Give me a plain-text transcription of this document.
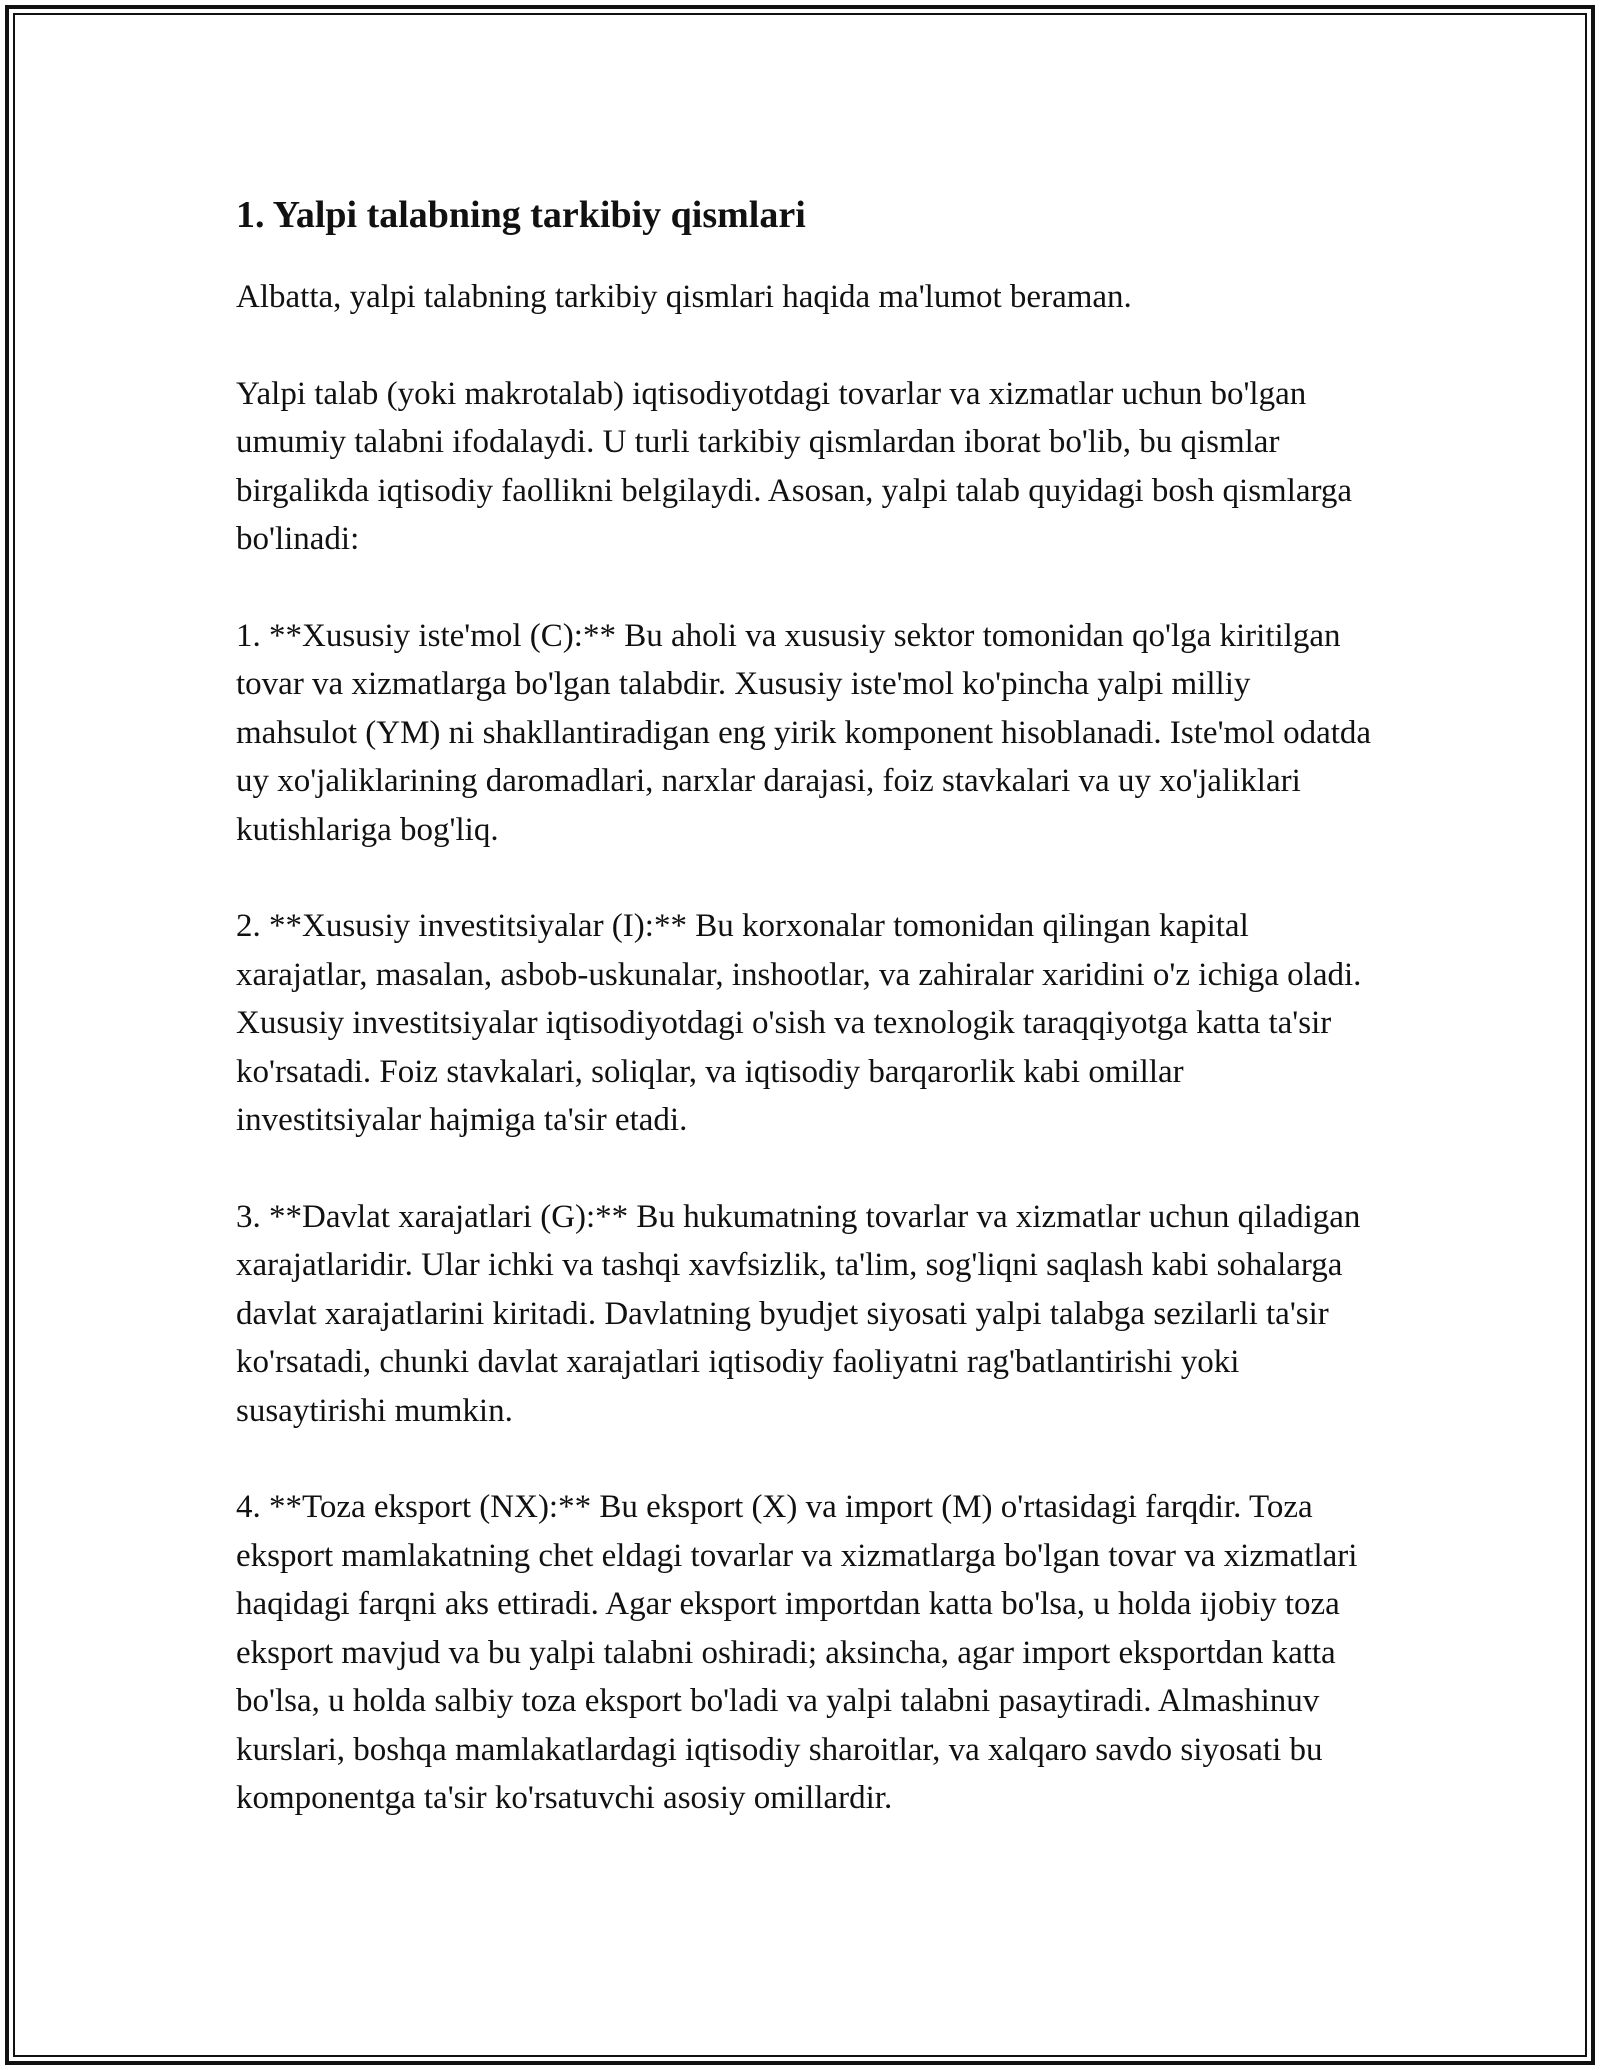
1. Yalpi talabning tarkibiy qismlari

Albatta, yalpi talabning tarkibiy qismlari haqida ma'lumot beraman.

Yalpi talab (yoki makrotalab) iqtisodiyotdagi tovarlar va xizmatlar uchun bo'lgan umumiy talabni ifodalaydi. U turli tarkibiy qismlardan iborat bo'lib, bu qismlar birgalikda iqtisodiy faollikni belgilaydi. Asosan, yalpi talab quyidagi bosh qismlarga bo'linadi:

1. **Xususiy iste'mol (C):** Bu aholi va xususiy sektor tomonidan qo'lga kiritilgan tovar va xizmatlarga bo'lgan talabdir. Xususiy iste'mol ko'pincha yalpi milliy mahsulot (YM) ni shakllantiradigan eng yirik komponent hisoblanadi. Iste'mol odatda uy xo'jaliklarining daromadlari, narxlar darajasi, foiz stavkalari va uy xo'jaliklari kutishlariga bog'liq.

2. **Xususiy investitsiyalar (I):** Bu korxonalar tomonidan qilingan kapital xarajatlar, masalan, asbob-uskunalar, inshootlar, va zahiralar xaridini o'z ichiga oladi. Xususiy investitsiyalar iqtisodiyotdagi o'sish va texnologik taraqqiyotga katta ta'sir ko'rsatadi. Foiz stavkalari, soliqlar, va iqtisodiy barqarorlik kabi omillar investitsiyalar hajmiga ta'sir etadi.

3. **Davlat xarajatlari (G):** Bu hukumatning tovarlar va xizmatlar uchun qiladigan xarajatlaridir. Ular ichki va tashqi xavfsizlik, ta'lim, sog'liqni saqlash kabi sohalarga davlat xarajatlarini kiritadi. Davlatning byudjet siyosati yalpi talabga sezilarli ta'sir ko'rsatadi, chunki davlat xarajatlari iqtisodiy faoliyatni rag'batlantirishi yoki susaytirishi mumkin.

4. **Toza eksport (NX):** Bu eksport (X) va import (M) o'rtasidagi farqdir. Toza eksport mamlakatning chet eldagi tovarlar va xizmatlarga bo'lgan tovar va xizmatlari haqidagi farqni aks ettiradi. Agar eksport importdan katta bo'lsa, u holda ijobiy toza eksport mavjud va bu yalpi talabni oshiradi; aksincha, agar import eksportdan katta bo'lsa, u holda salbiy toza eksport bo'ladi va yalpi talabni pasaytiradi. Almashinuv kurslari, boshqa mamlakatlardagi iqtisodiy sharoitlar, va xalqaro savdo siyosati bu komponentga ta'sir ko'rsatuvchi asosiy omillardir.
